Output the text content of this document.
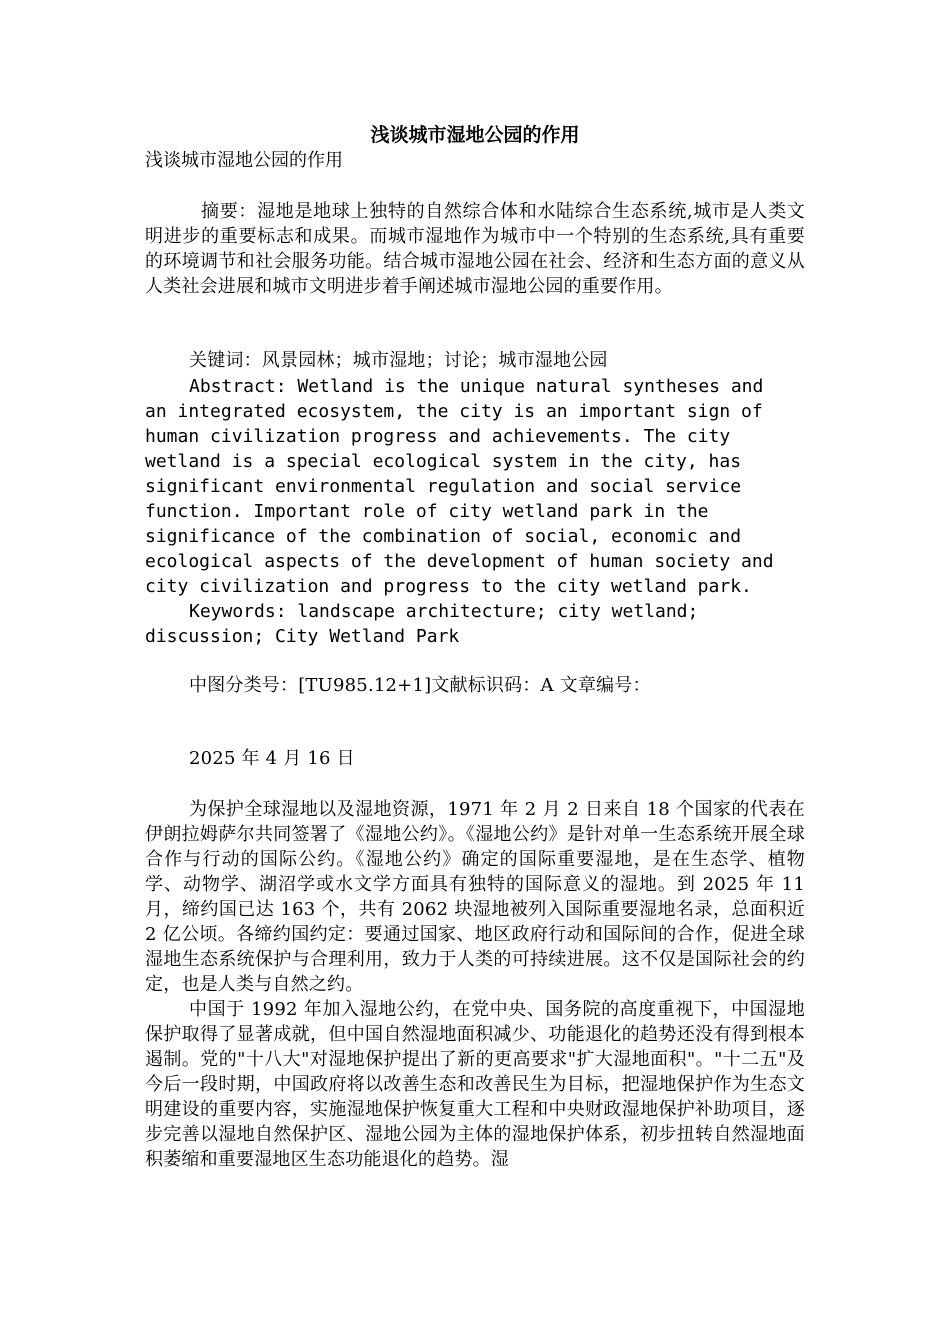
浅谈城市湿地公园的作用
浅谈城市湿地公园的作用

摘要：湿地是地球上独特的自然综合体和水陆综合生态系统,城市是人类文明进步的重要标志和成果。而城市湿地作为城市中一个特别的生态系统,具有重要的环境调节和社会服务功能。结合城市湿地公园在社会、经济和生态方面的意义从人类社会进展和城市文明进步着手阐述城市湿地公园的重要作用。

关键词：风景园林；城市湿地；讨论；城市湿地公园

Abstract: Wetland is the unique natural syntheses and
an integrated ecosystem, the city is an important sign of
human civilization progress and achievements. The city
wetland is a special ecological system in the city, has
significant environmental regulation and social service
function. Important role of city wetland park in the
significance of the combination of social, economic and
ecological aspects of the development of human society and
city civilization and progress to the city wetland park.
Keywords: landscape architecture; city wetland;
discussion; City Wetland Park

中图分类号：[TU985.12+1]文献标识码：A 文章编号：

2025 年 4 月 16 日

为保护全球湿地以及湿地资源，1971 年 2 月 2 日来自 18 个国家的代表在伊朗拉姆萨尔共同签署了《湿地公约》。《湿地公约》是针对单一生态系统开展全球合作与行动的国际公约。《湿地公约》确定的国际重要湿地，是在生态学、植物学、动物学、湖沼学或水文学方面具有独特的国际意义的湿地。到 2025 年 11 月，缔约国已达 163 个，共有 2062 块湿地被列入国际重要湿地名录，总面积近 2 亿公顷。各缔约国约定：要通过国家、地区政府行动和国际间的合作，促进全球湿地生态系统保护与合理利用，致力于人类的可持续进展。这不仅是国际社会的约定，也是人类与自然之约。

中国于 1992 年加入湿地公约，在党中央、国务院的高度重视下，中国湿地保护取得了显著成就，但中国自然湿地面积减少、功能退化的趋势还没有得到根本遏制。党的"十八大"对湿地保护提出了新的更高要求"扩大湿地面积"。"十二五"及今后一段时期，中国政府将以改善生态和改善民生为目标，把湿地保护作为生态文明建设的重要内容，实施湿地保护恢复重大工程和中央财政湿地保护补助项目，逐步完善以湿地自然保护区、湿地公园为主体的湿地保护体系，初步扭转自然湿地面积萎缩和重要湿地区生态功能退化的趋势。湿
